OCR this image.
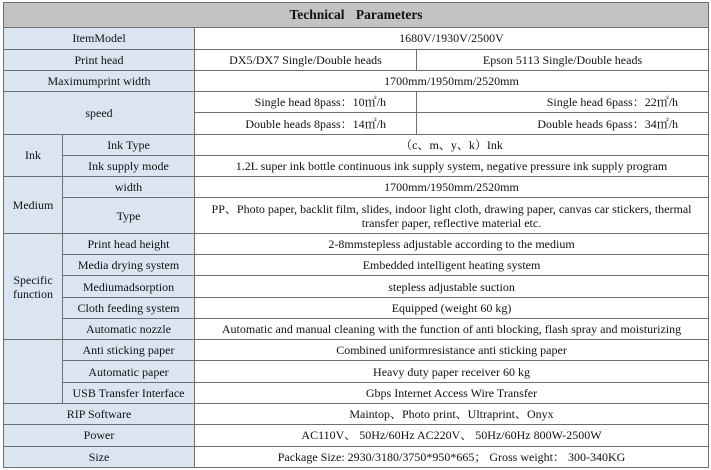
Technical Parameters			
ItemModel		1680V/1930V/2500V	
Print head		DX5/DX7 Single/Double heads	Epson 5113 Single/Double heads
Maximumprint width		1700mm/1950mm/2520mm	
speed		Single head 8pass：10㎡/h	Single head 6pass：22㎡/h
		Double heads 8pass：14㎡/h	Double heads 6pass：34㎡/h
Ink	Ink Type	（c、m、y、k）Ink	
	Ink supply mode	1.2L super ink bottle continuous ink supply system, negative pressure ink supply program	
Medium	width	1700mm/1950mm/2520mm	
	Type	PP、Photo paper, backlit film, slides, indoor light cloth, drawing paper, canvas car stickers, thermal transfer paper, reflective material etc.	
Specific function	Print head height	2-8mmstepless adjustable according to the medium	
	Media drying system	Embedded intelligent heating system	
	Mediumadsorption	stepless adjustable suction	
	Cloth feeding system	Equipped (weight 60 kg)	
	Automatic nozzle	Automatic and manual cleaning with the function of anti blocking, flash spray and moisturizing	
	Anti sticking paper	Combined uniformresistance anti sticking paper	
	Automatic paper	Heavy duty paper receiver 60 kg	
	USB Transfer Interface	Gbps Internet Access Wire Transfer	
RIP Software		Maintop、Photo print、Ultraprint、Onyx	
Power		AC110V、 50Hz/60Hz AC220V、 50Hz/60Hz 800W-2500W	
Size		Package Size: 2930/3180/3750*950*665； Gross weight： 300-340KG	
